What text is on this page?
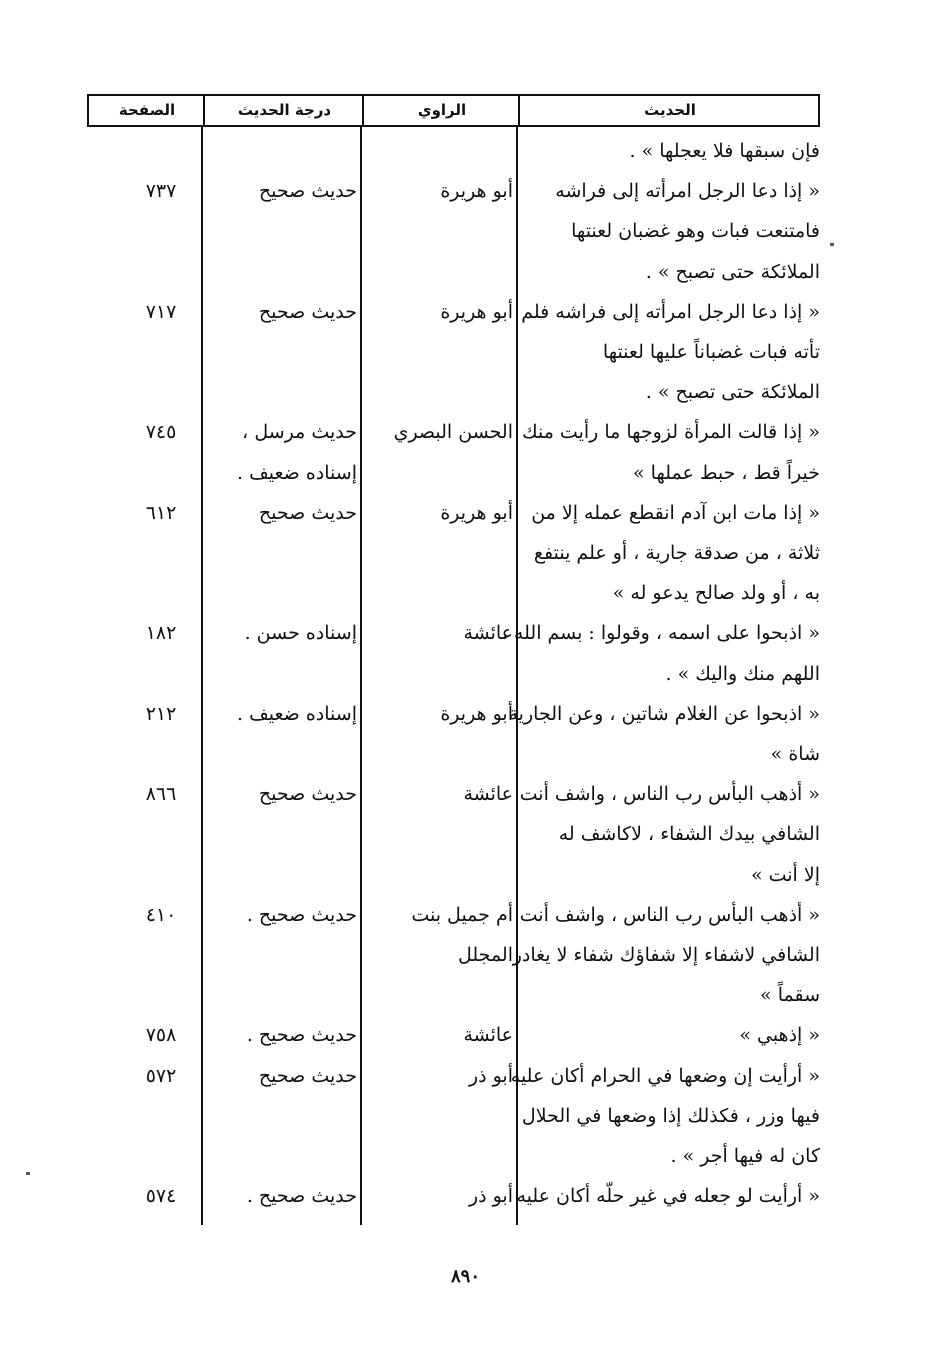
الحديث
الراوي
درجة الحديث
الصفحة
فإن سبقها فلا يعجلها » .
« إذا دعا الرجل امرأته إلى فراشه
أبو هريرة
حديث صحيح
٧٣٧
فامتنعت فبات وهو غضبان لعنتها
الملائكة حتى تصبح » .
« إذا دعا الرجل امرأته إلى فراشه فلم
أبو هريرة
حديث صحيح
٧١٧
تأته فبات غضباناً عليها لعنتها
الملائكة حتى تصبح » .
« إذا قالت المرأة لزوجها ما رأيت منك
الحسن البصري
حديث مرسل ،
٧٤٥
خيراً قط ، حبط عملها »
إسناده ضعيف .
« إذا مات ابن آدم انقطع عمله إلا من
أبو هريرة
حديث صحيح
٦١٢
ثلاثة ، من صدقة جارية ، أو علم ينتفع
به ، أو ولد صالح يدعو له »
« اذبحوا على اسمه ، وقولوا : بسم الله ،
عائشة
إسناده حسن .
١٨٢
اللهم منك واليك » .
« اذبحوا عن الغلام شاتين ، وعن الجارية
أبو هريرة
إسناده ضعيف .
٢١٢
شاة »
« أذهب البأس رب الناس ، واشف أنت
عائشة
حديث صحيح
٨٦٦
الشافي بيدك الشفاء ، لاكاشف له
إلا أنت »
« أذهب البأس رب الناس ، واشف أنت
أم جميل بنت
حديث صحيح .
٤١٠
الشافي لاشفاء إلا شفاؤك شفاء لا يغادر
المجلل
سقماً »
« إذهبي »
عائشة
حديث صحيح .
٧٥٨
« أرأيت إن وضعها في الحرام أكان عليه
أبو ذر
حديث صحيح
٥٧٢
فيها وزر ، فكذلك إذا وضعها في الحلال
كان له فيها أجر » .
« أرأيت لو جعله في غير حلّه أكان عليه
أبو ذر
حديث صحيح .
٥٧٤
٨٩٠
